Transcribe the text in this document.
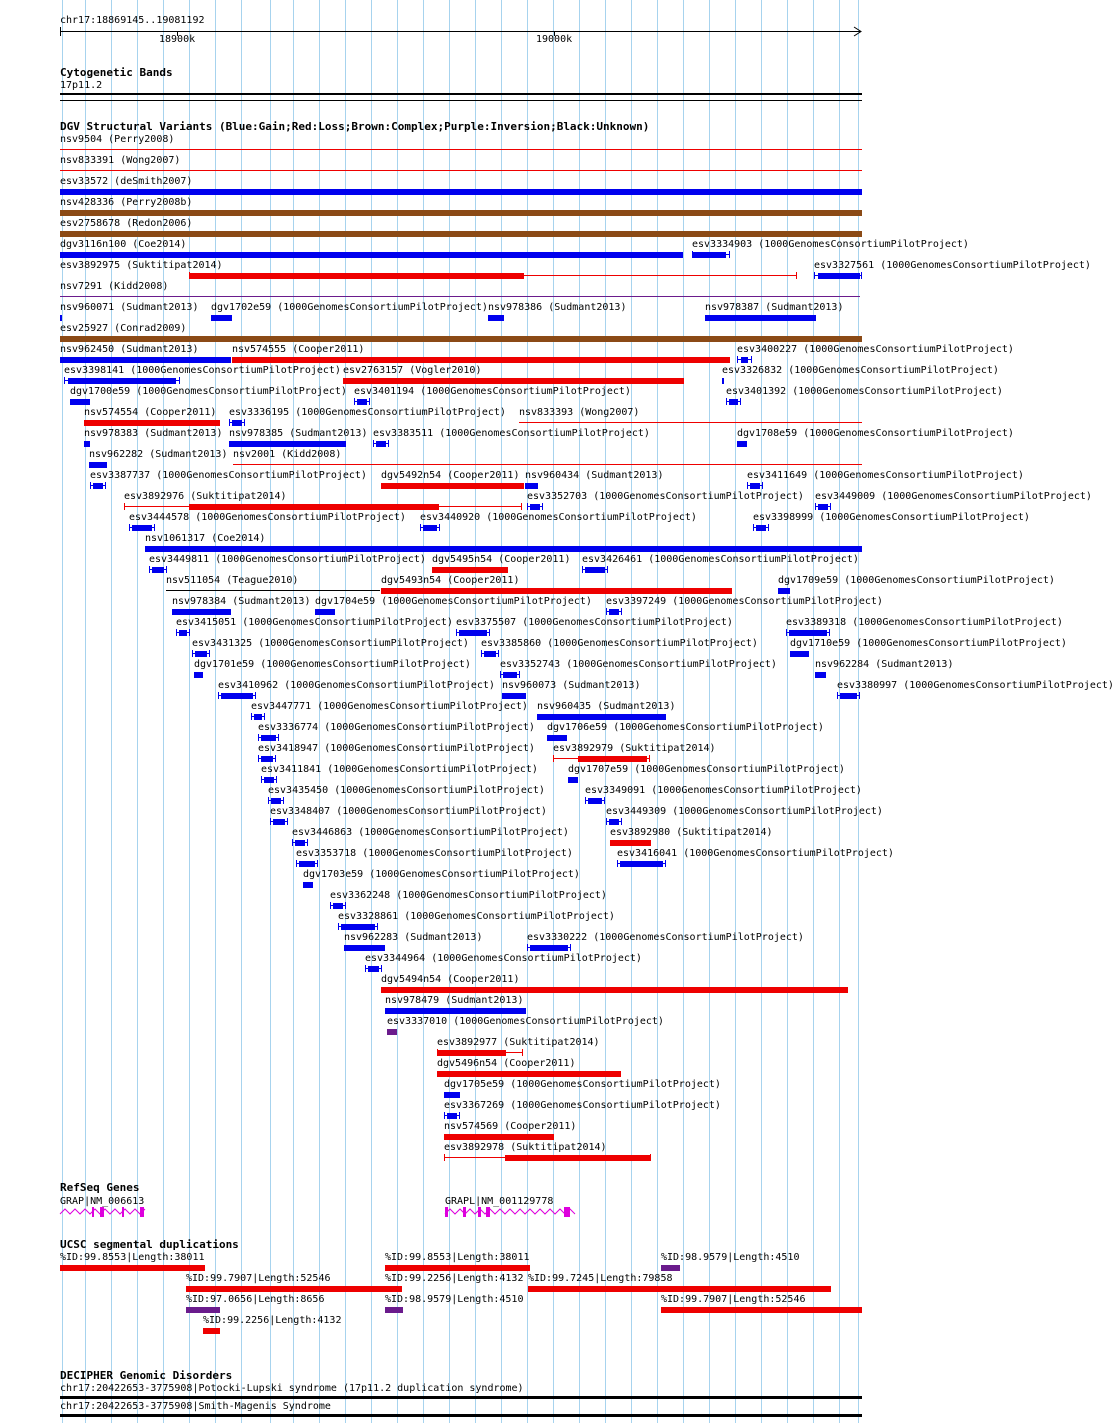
chr17:18869145..19081192
18900k	19000k
Cytogenetic Bands
17p11.2
DGV Structural Variants (Blue:Gain;Red:Loss;Brown:Complex;Purple:Inversion;Black:Unknown)
nsv9504 (Perry2008)
nsv833391 (Wong2007)
esv33572 (deSmith2007)
nsv428336 (Perry2008b)
esv2758678 (Redon2006)
dgv3116n100 (Coe2014)	esv3334903 (1000GenomesConsortiumPilotProject)
esv3892975 (Suktitipat2014)	esv3327561 (1000GenomesConsortiumPilotProject)
nsv7291 (Kidd2008)
nsv960071 (Sudmant2013) dgv1702e59 (1000GenomesConsortiumPilotProject) nsv978386 (Sudmant2013)	nsv978387 (Sudmant2013)
esv25927 (Conrad2009)
nsv962450 (Sudmant2013)	nsv574555 (Cooper2011)	esv3400227 (1000GenomesConsortiumPilotProject)
esv3398141 (1000GenomesConsortiumPilotProject) esv2763157 (Vogler2010)	esv3326832 (1000GenomesConsortiumPilotProject)
dgv1700e59 (1000GenomesConsortiumPilotProject) esv3401194 (1000GenomesConsortiumPilotProject)	esv3401392 (1000GenomesConsortiumPilotProject)
nsv574554 (Cooper2011) esv3336195 (1000GenomesConsortiumPilotProject) nsv833393 (Wong2007)
nsv978383 (Sudmant2013) nsv978385 (Sudmant2013) esv3383511 (1000GenomesConsortiumPilotProject)	dgv1708e59 (1000GenomesConsortiumPilotProject)
nsv962282 (Sudmant2013) nsv2001 (Kidd2008)
esv3387737 (1000GenomesConsortiumPilotProject) dgv5492n54 (Cooper2011) nsv960434 (Sudmant2013)	esv3411649 (1000GenomesConsortiumPilotProject)
esv3892976 (Suktitipat2014)	esv3352703 (1000GenomesConsortiumPilotProject) esv3449009 (1000GenomesConsortiumPilotProject)
esv3444578 (1000GenomesConsortiumPilotProject) esv3440920 (1000GenomesConsortiumPilotProject)	esv3398999 (1000GenomesConsortiumPilotProject)
nsv1061317 (Coe2014)
esv3449811 (1000GenomesConsortiumPilotProject) dgv5495n54 (Cooper2011) esv3426461 (1000GenomesConsortiumPilotProject)
nsv511054 (Teague2010)	dgv5493n54 (Cooper2011)	dgv1709e59 (1000GenomesConsortiumPilotProject)
nsv978384 (Sudmant2013) dgv1704e59 (1000GenomesConsortiumPilotProject) esv3397249 (1000GenomesConsortiumPilotProject)
esv3415051 (1000GenomesConsortiumPilotProject) esv3375507 (1000GenomesConsortiumPilotProject)	esv3389318 (1000GenomesConsortiumPilotProject)
esv3431325 (1000GenomesConsortiumPilotProject) esv3385860 (1000GenomesConsortiumPilotProject)	dgv1710e59 (1000GenomesConsortiumPilotProject)
dgv1701e59 (1000GenomesConsortiumPilotProject)	esv3352743 (1000GenomesConsortiumPilotProject)	nsv962284 (Sudmant2013)
esv3410962 (1000GenomesConsortiumPilotProject) nsv960073 (Sudmant2013)	esv3380997 (1000GenomesConsortiumPilotProject)
esv3447771 (1000GenomesConsortiumPilotProject) nsv960435 (Sudmant2013)
esv3336774 (1000GenomesConsortiumPilotProject) dgv1706e59 (1000GenomesConsortiumPilotProject)
esv3418947 (1000GenomesConsortiumPilotProject) esv3892979 (Suktitipat2014)
esv3411841 (1000GenomesConsortiumPilotProject)	dgv1707e59 (1000GenomesConsortiumPilotProject)
esv3435450 (1000GenomesConsortiumPilotProject)	esv3349091 (1000GenomesConsortiumPilotProject)
esv3348407 (1000GenomesConsortiumPilotProject)	esv3449309 (1000GenomesConsortiumPilotProject)
esv3446863 (1000GenomesConsortiumPilotProject)	esv3892980 (Suktitipat2014)
esv3353718 (1000GenomesConsortiumPilotProject)	esv3416041 (1000GenomesConsortiumPilotProject)
dgv1703e59 (1000GenomesConsortiumPilotProject)
esv3362248 (1000GenomesConsortiumPilotProject)
esv3328861 (1000GenomesConsortiumPilotProject)
nsv962283 (Sudmant2013)	esv3330222 (1000GenomesConsortiumPilotProject)
esv3344964 (1000GenomesConsortiumPilotProject)
dgv5494n54 (Cooper2011)
nsv978479 (Sudmant2013)
esv3337010 (1000GenomesConsortiumPilotProject)
esv3892977 (Suktitipat2014)
dgv5496n54 (Cooper2011)
dgv1705e59 (1000GenomesConsortiumPilotProject)
esv3367269 (1000GenomesConsortiumPilotProject)
nsv574569 (Cooper2011)
esv3892978 (Suktitipat2014)
RefSeq Genes
GRAP|NM_006613	GRAPL|NM_001129778
UCSC segmental duplications
%ID:99.8553|Length:38011	%ID:99.8553|Length:38011	%ID:98.9579|Length:4510
%ID:99.7907|Length:52546	%ID:99.2256|Length:4132 %ID:99.7245|Length:79858
%ID:97.0656|Length:8656	%ID:98.9579|Length:4510	%ID:99.7907|Length:52546
%ID:99.2256|Length:4132
DECIPHER Genomic Disorders
chr17:20422653-3775908|Potocki-Lupski syndrome (17p11.2 duplication syndrome)
chr17:20422653-3775908|Smith-Magenis Syndrome
